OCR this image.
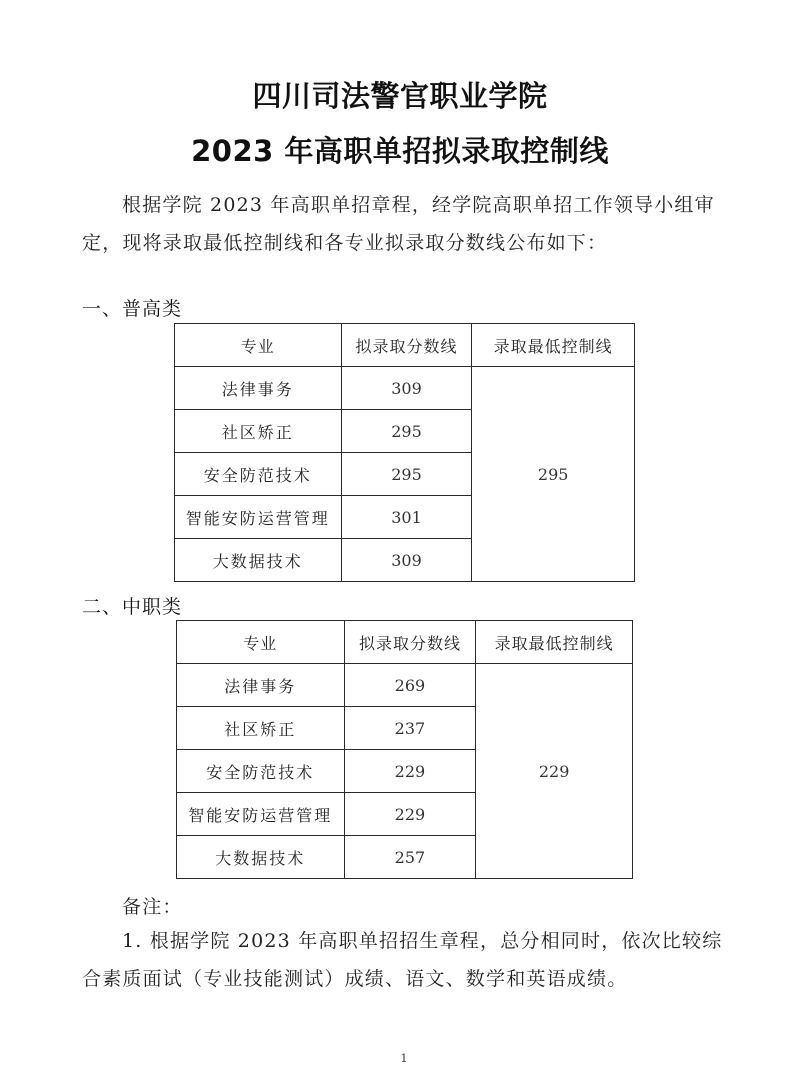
四川司法警官职业学院
2023 年高职单招拟录取控制线
根据学院 2023 年高职单招章程，经学院高职单招工作领导小组审定，现将录取最低控制线和各专业拟录取分数线公布如下：
一、普高类
专业	拟录取分数线	录取最低控制线
法律事务	309	295
社区矫正	295	
安全防范技术	295	
智能安防运营管理	301	
大数据技术	309	
二、中职类
专业	拟录取分数线	录取最低控制线
法律事务	269	229
社区矫正	237	
安全防范技术	229	
智能安防运营管理	229	
大数据技术	257	
备注：
1. 根据学院 2023 年高职单招招生章程，总分相同时，依次比较综合素质面试（专业技能测试）成绩、语文、数学和英语成绩。
1
